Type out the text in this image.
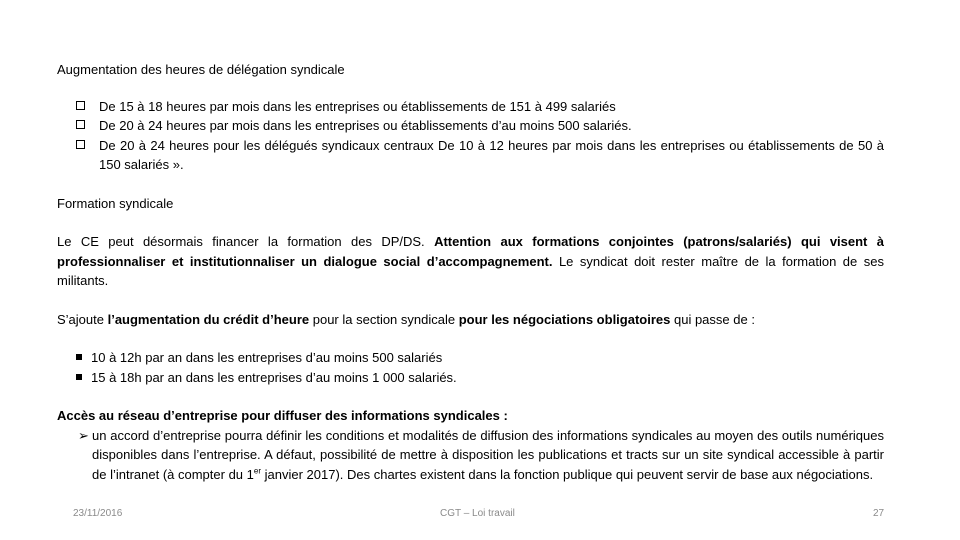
Augmentation des heures de délégation syndicale

De 15 à 18 heures par mois dans les entreprises ou établissements de 151 à 499 salariés
De 20 à 24 heures par mois dans les entreprises ou établissements d’au moins 500 salariés.
De 20 à 24 heures pour les délégués syndicaux centraux De 10 à 12 heures par mois dans les entreprises ou établissements de 50 à 150 salariés ».

Formation syndicale

Le CE peut désormais financer la formation des DP/DS. Attention aux formations conjointes (patrons/salariés) qui visent à professionnaliser et institutionnaliser un dialogue social d’accompagnement. Le syndicat doit rester maître de la formation de ses militants.

S’ajoute l’augmentation du crédit d’heure pour la section syndicale pour les négociations obligatoires qui passe de :

10 à 12h par an dans les entreprises d’au moins 500 salariés
15 à 18h par an dans les entreprises d’au moins 1 000 salariés.

Accès au réseau d’entreprise pour diffuser des informations syndicales :

➢ un accord d’entreprise pourra définir les conditions et modalités de diffusion des informations syndicales au moyen des outils numériques disponibles dans l’entreprise. A défaut, possibilité de mettre à disposition les publications et tracts sur un site syndical accessible à partir de l’intranet (à compter du 1er janvier 2017). Des chartes existent dans la fonction publique qui peuvent servir de base aux négociations.
23/11/2016	CGT – Loi travail	27
